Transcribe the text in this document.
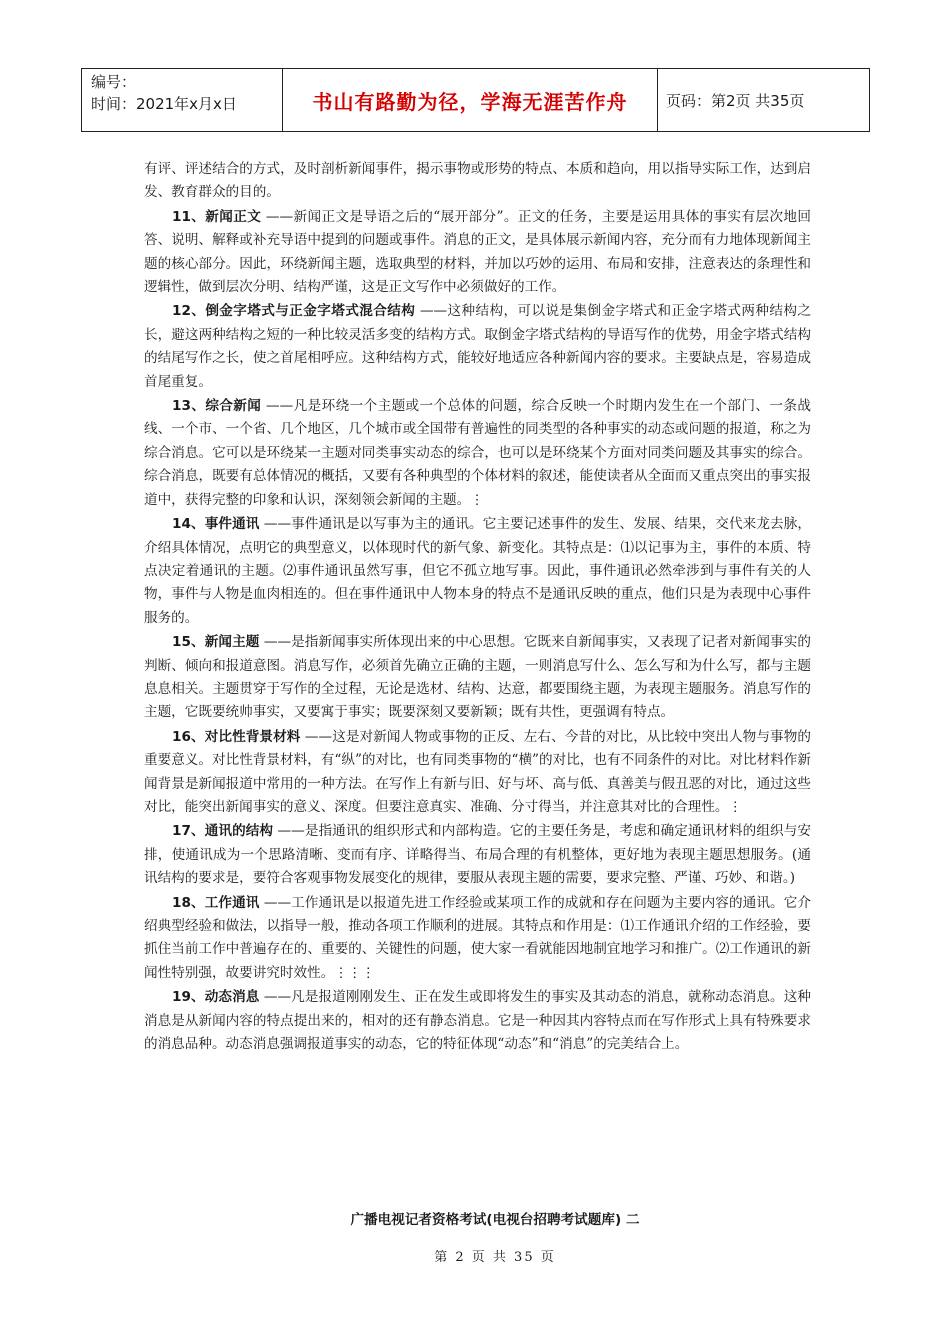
编号：
时间：2021年x月x日	书山有路勤为径，学海无涯苦作舟	页码：第2页 共35页

有评、评述结合的方式，及时剖析新闻事件，揭示事物或形势的特点、本质和趋向，用以指导实际工作，达到启发、教育群众的目的。

11、新闻正文 ——新闻正文是导语之后的“展开部分”。正文的任务，主要是运用具体的事实有层次地回答、说明、解释或补充导语中提到的问题或事件。消息的正文，是具体展示新闻内容，充分而有力地体现新闻主题的核心部分。因此，环绕新闻主题，选取典型的材料，并加以巧妙的运用、布局和安排，注意表达的条理性和逻辑性，做到层次分明、结构严谨，这是正文写作中必须做好的工作。

12、倒金字塔式与正金字塔式混合结构 ——这种结构，可以说是集倒金字塔式和正金字塔式两种结构之长，避这两种结构之短的一种比较灵活多变的结构方式。取倒金字塔式结构的导语写作的优势，用金字塔式结构的结尾写作之长，使之首尾相呼应。这种结构方式，能较好地适应各种新闻内容的要求。主要缺点是，容易造成首尾重复。

13、综合新闻 ——凡是环绕一个主题或一个总体的问题，综合反映一个时期内发生在一个部门、一条战线、一个市、一个省、几个地区，几个城市或全国带有普遍性的同类型的各种事实的动态或问题的报道，称之为综合消息。它可以是环绕某一主题对同类事实动态的综合，也可以是环绕某个方面对同类问题及其事实的综合。综合消息，既要有总体情况的概括，又要有各种典型的个体材料的叙述，能使读者从全面而又重点突出的事实报道中，获得完整的印象和认识，深刻领会新闻的主题。⋮

14、事件通讯 ——事件通讯是以写事为主的通讯。它主要记述事件的发生、发展、结果，交代来龙去脉，介绍具体情况，点明它的典型意义，以体现时代的新气象、新变化。其特点是：⑴以记事为主，事件的本质、特点决定着通讯的主题。⑵事件通讯虽然写事，但它不孤立地写事。因此，事件通讯必然牵涉到与事件有关的人物，事件与人物是血肉相连的。但在事件通讯中人物本身的特点不是通讯反映的重点，他们只是为表现中心事件服务的。

15、新闻主题 ——是指新闻事实所体现出来的中心思想。它既来自新闻事实，又表现了记者对新闻事实的判断、倾向和报道意图。消息写作，必须首先确立正确的主题，一则消息写什么、怎么写和为什么写，都与主题息息相关。主题贯穿于写作的全过程，无论是选材、结构、达意，都要围绕主题，为表现主题服务。消息写作的主题，它既要统帅事实，又要寓于事实；既要深刻又要新颖；既有共性，更强调有特点。

16、对比性背景材料 ——这是对新闻人物或事物的正反、左右、今昔的对比，从比较中突出人物与事物的重要意义。对比性背景材料，有“纵”的对比，也有同类事物的“横”的对比，也有不同条件的对比。对比材料作新闻背景是新闻报道中常用的一种方法。在写作上有新与旧、好与坏、高与低、真善美与假丑恶的对比，通过这些对比，能突出新闻事实的意义、深度。但要注意真实、准确、分寸得当，并注意其对比的合理性。⋮

17、通讯的结构 ——是指通讯的组织形式和内部构造。它的主要任务是，考虑和确定通讯材料的组织与安排，使通讯成为一个思路清晰、变而有序、详略得当、布局合理的有机整体，更好地为表现主题思想服务。(通讯结构的要求是，要符合客观事物发展变化的规律，要服从表现主题的需要，要求完整、严谨、巧妙、和谐。)

18、工作通讯 ——工作通讯是以报道先进工作经验或某项工作的成就和存在问题为主要内容的通讯。它介绍典型经验和做法，以指导一般，推动各项工作顺利的进展。其特点和作用是：⑴工作通讯介绍的工作经验，要抓住当前工作中普遍存在的、重要的、关键性的问题，使大家一看就能因地制宜地学习和推广。⑵工作通讯的新闻性特别强，故要讲究时效性。⋮⋮⋮

19、动态消息 ——凡是报道刚刚发生、正在发生或即将发生的事实及其动态的消息，就称动态消息。这种消息是从新闻内容的特点提出来的，相对的还有静态消息。它是一种因其内容特点而在写作形式上具有特殊要求的消息品种。动态消息强调报道事实的动态，它的特征体现“动态”和“消息”的完美结合上。

广播电视记者资格考试(电视台招聘考试题库) 二
第 2 页 共 35 页
